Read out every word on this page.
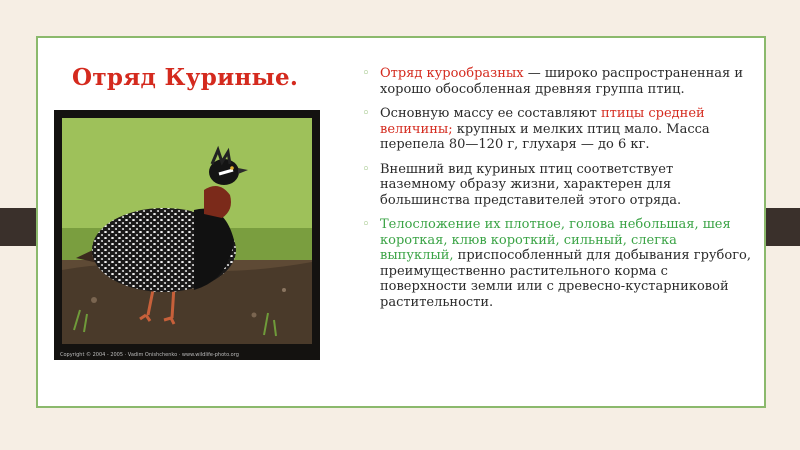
Отряд Куриные.
Copyright © 2004 - 2005 · Vadim Onishchenko · www.wildlife-photo.org

◦ Отряд курообразных — широко распространенная и хорошо обособленная древняя группа птиц.

◦ Основную массу ее составляют птицы средней величины; крупных и мелких птиц мало. Масса перепела 80—120 г, глухаря — до 6 кг.

◦ Внешний вид куриных птиц соответствует наземному образу жизни, характерен для большинства представителей этого отряда.

◦ Телосложение их плотное, голова небольшая, шея короткая, клюв короткий, сильный, слегка выпуклый, приспособленный для добывания грубого, преимущественно растительного корма с поверхности земли или с древесно-кустарниковой растительности.
